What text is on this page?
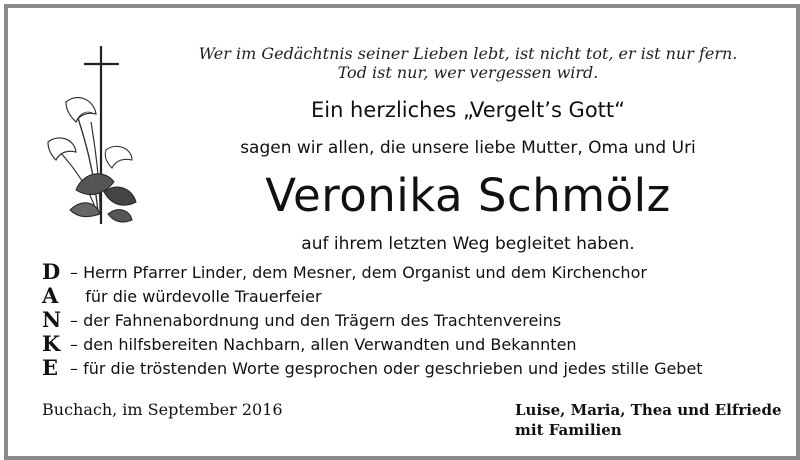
Wer im Gedächtnis seiner Lieben lebt, ist nicht tot, er ist nur fern.
Tod ist nur, wer vergessen wird.
Ein herzliches „Vergelt’s Gott“
sagen wir allen, die unsere liebe Mutter, Oma und Uri
Veronika Schmölz
auf ihrem letzten Weg begleitet haben.
D – Herrn Pfarrer Linder, dem Mesner, dem Organist und dem Kirchenchor
A für die würdevolle Trauerfeier
N – der Fahnenabordnung und den Trägern des Trachtenvereins
K – den hilfsbereiten Nachbarn, allen Verwandten und Bekannten
E – für die tröstenden Worte gesprochen oder geschrieben und jedes stille Gebet
Buchach, im September 2016	Luise, Maria, Thea und Elfriede
mit Familien
